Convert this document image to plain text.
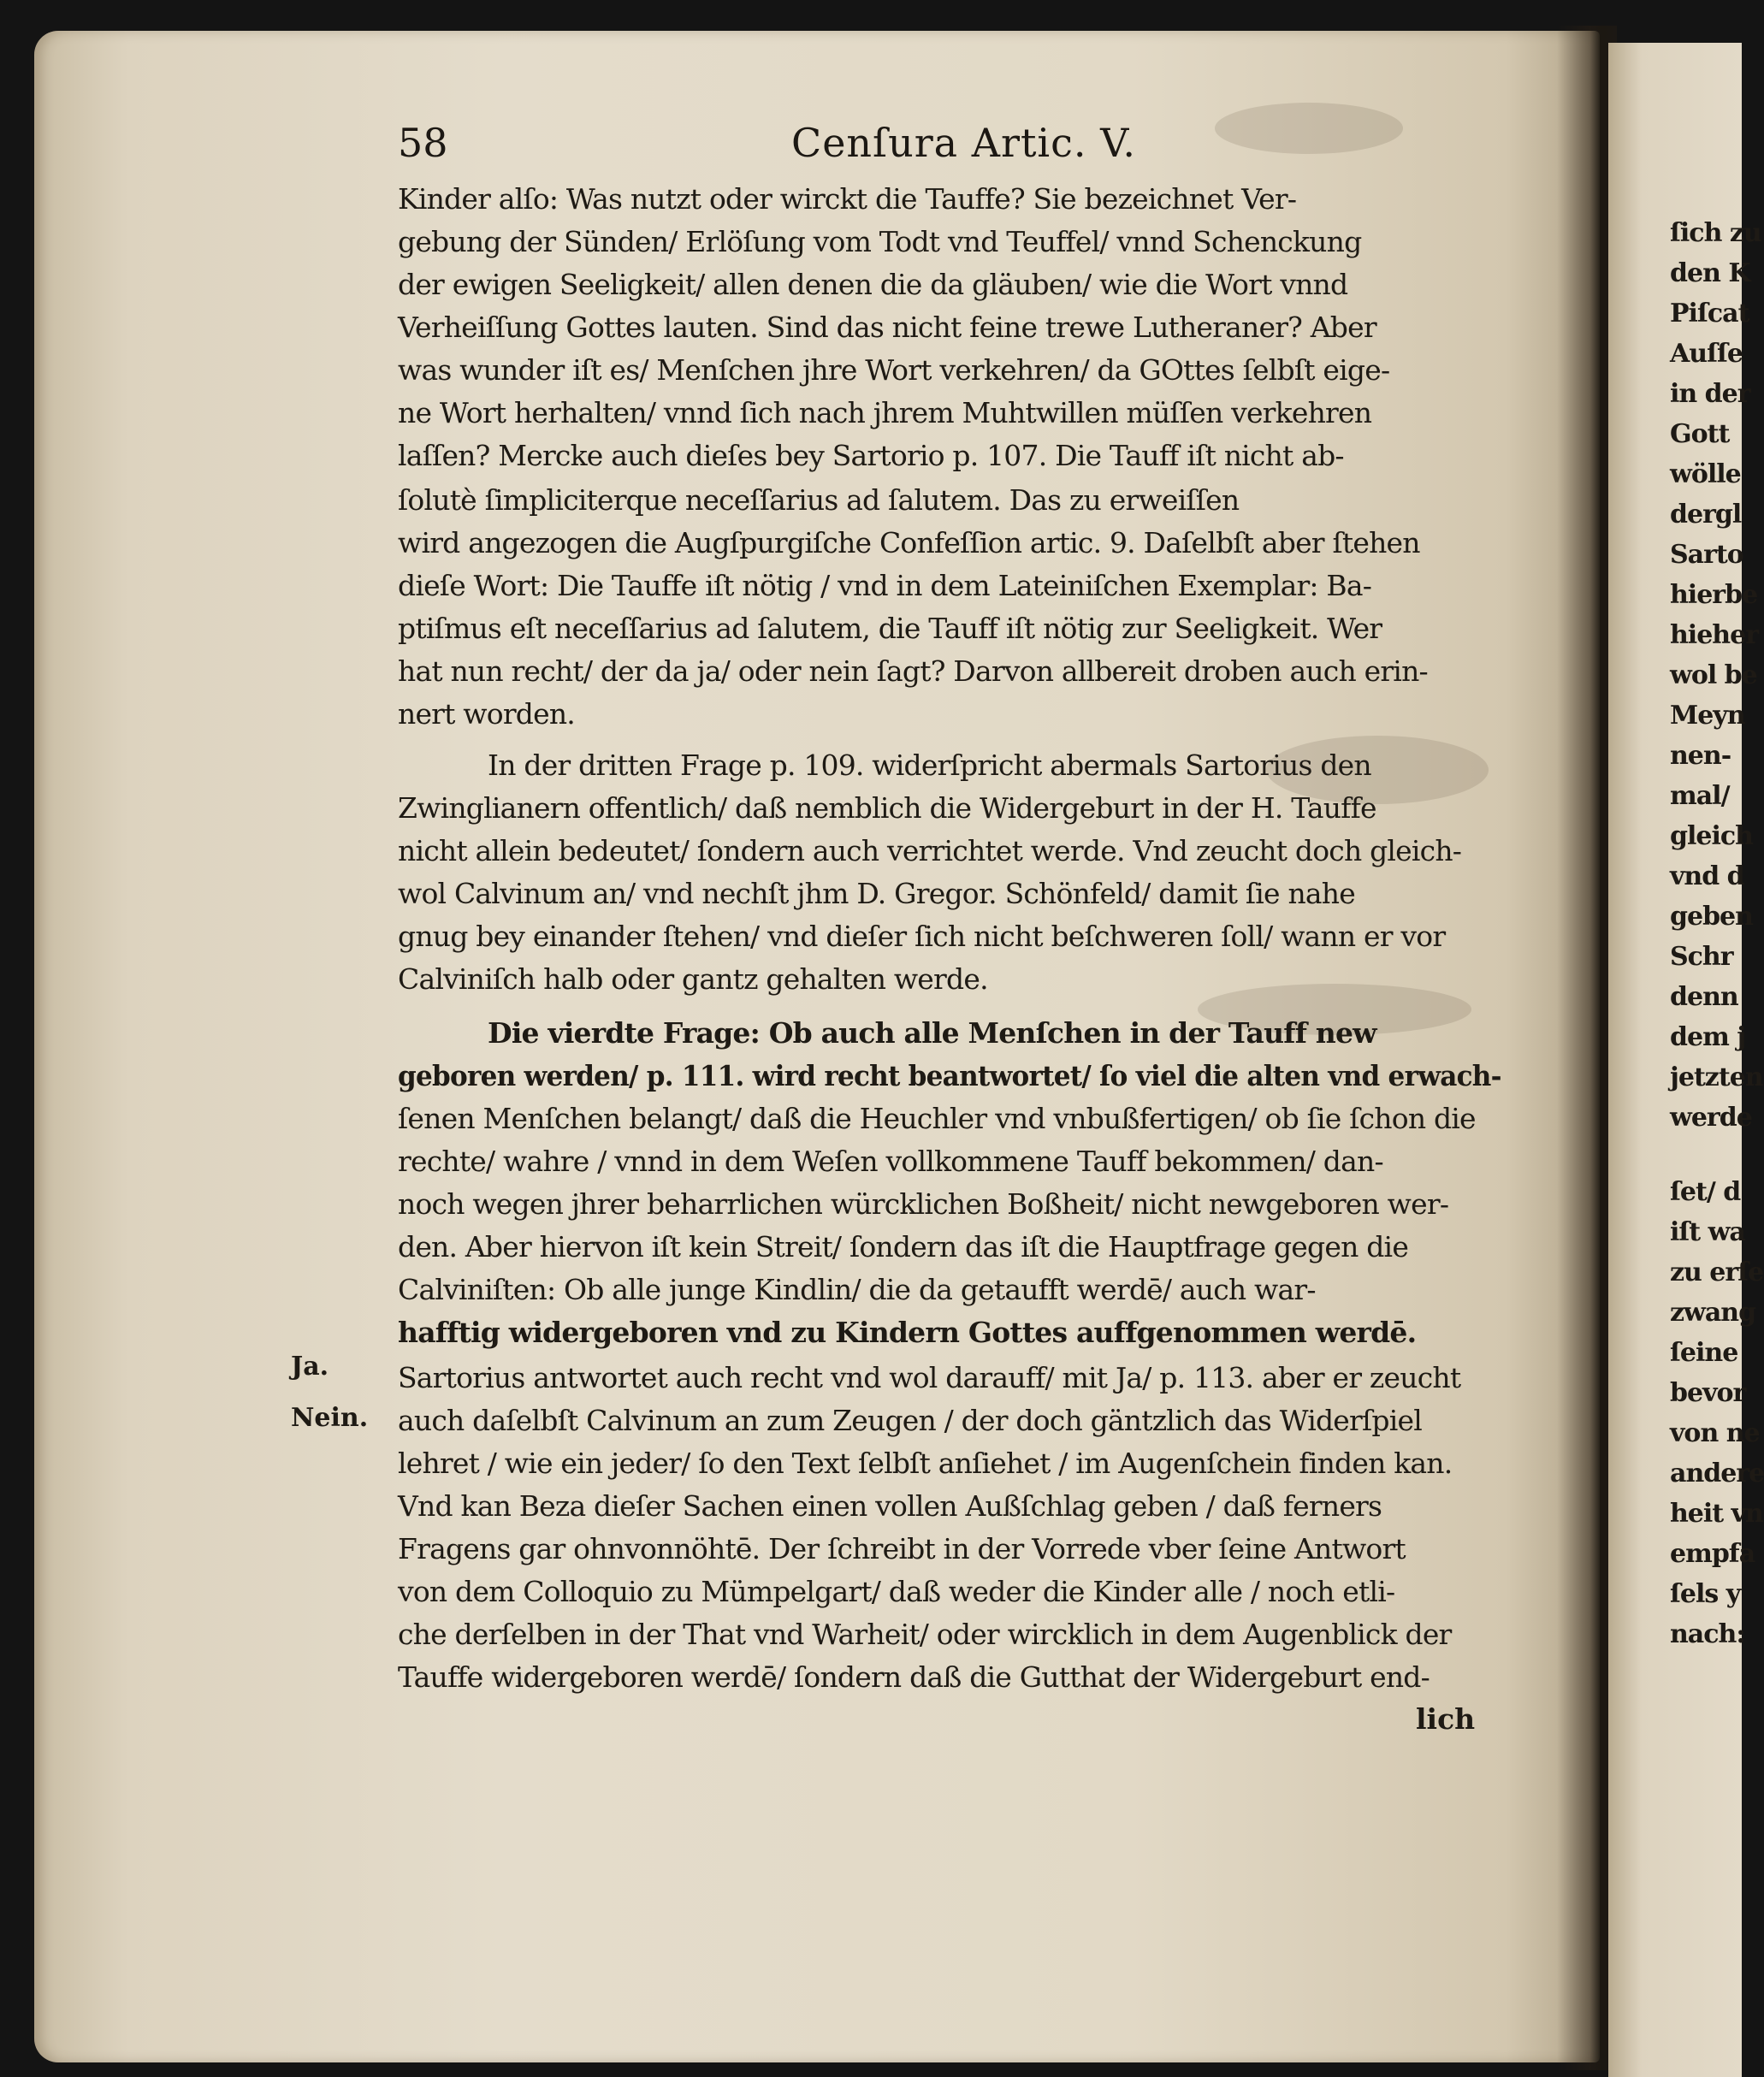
ſich zu
den K
Piſcat
Auſſe
in der
Gott
wölle
dergl
Sarto
hierbe
hieher
wol be
Meyn
nen-
mal/
gleich
vnd d
geben
Schr
denn
dem j
jetzten
werde
ſet/ d
iſt wa
zu erſe
zwang
ſeine
bevor
von ne
andere
heit vn
empfa
ſels y
nach:
58	Cenſura Artic. V.
Kinder alſo: Was nutzt oder wirckt die Tauffe? Sie bezeichnet Ver-
gebung der Sünden/ Erlöſung vom Todt vnd Teuffel/ vnnd Schenckung
der ewigen Seeligkeit/ allen denen die da gläuben/ wie die Wort vnnd
Verheiſſung Gottes lauten. Sind das nicht feine trewe Lutheraner? Aber
was wunder iſt es/ Menſchen jhre Wort verkehren/ da GOttes ſelbſt eige-
ne Wort herhalten/ vnnd ſich nach jhrem Muhtwillen müſſen verkehren
laſſen? Mercke auch dieſes bey Sartorio p. 107. Die Tauff iſt nicht ab-
ſolutè ſimpliciterque neceſſarius ad ſalutem. Das zu erweiſſen
wird angezogen die Augſpurgiſche Confeſſion artic. 9. Daſelbſt aber ſtehen
dieſe Wort: Die Tauffe iſt nötig / vnd in dem Lateiniſchen Exemplar: Ba-
ptiſmus eſt neceſſarius ad ſalutem, die Tauff iſt nötig zur Seeligkeit. Wer
hat nun recht/ der da ja/ oder nein ſagt? Darvon allbereit droben auch erin-
nert worden.
In der dritten Frage p. 109. widerſpricht abermals Sartorius den
Zwinglianern offentlich/ daß nemblich die Widergeburt in der H. Tauffe
nicht allein bedeutet/ ſondern auch verrichtet werde. Vnd zeucht doch gleich-
wol Calvinum an/ vnd nechſt jhm D. Gregor. Schönfeld/ damit ſie nahe
gnug bey einander ſtehen/ vnd dieſer ſich nicht beſchweren ſoll/ wann er vor
Calviniſch halb oder gantz gehalten werde.
Die vierdte Frage: Ob auch alle Menſchen in der Tauff new
geboren werden/ p. 111. wird recht beantwortet/ ſo viel die alten vnd erwach-
ſenen Menſchen belangt/ daß die Heuchler vnd vnbußfertigen/ ob ſie ſchon die
rechte/ wahre / vnnd in dem Weſen vollkommene Tauff bekommen/ dan-
noch wegen jhrer beharrlichen würcklichen Boßheit/ nicht newgeboren wer-
den. Aber hiervon iſt kein Streit/ ſondern das iſt die Hauptfrage gegen die
Calviniſten: Ob alle junge Kindlin/ die da getaufft werdē/ auch war-
hafftig widergeboren vnd zu Kindern Gottes auffgenommen werdē.
Sartorius antwortet auch recht vnd wol darauff/ mit Ja/ p. 113. aber er zeucht
auch daſelbſt Calvinum an zum Zeugen / der doch gäntzlich das Widerſpiel
lehret / wie ein jeder/ ſo den Text ſelbſt anſiehet / im Augenſchein finden kan.
Vnd kan Beza dieſer Sachen einen vollen Außſchlag geben / daß ferners
Fragens gar ohnvonnöhtē. Der ſchreibt in der Vorrede vber ſeine Antwort
von dem Colloquio zu Mümpelgart/ daß weder die Kinder alle / noch etli-
che derſelben in der That vnd Warheit/ oder wircklich in dem Augenblick der
Tauffe widergeboren werdē/ ſondern daß die Gutthat der Widergeburt end-
lich
Ja.
Nein.
